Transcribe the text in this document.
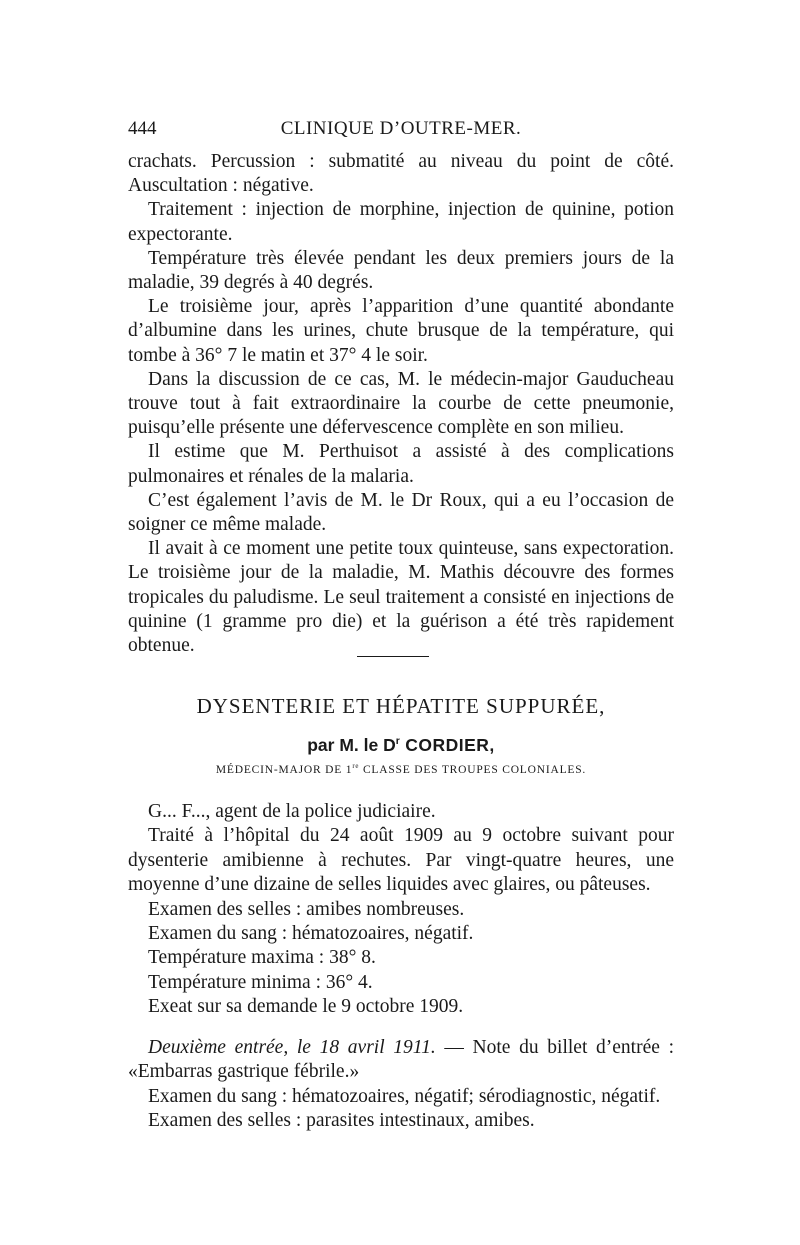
444	CLINIQUE D’OUTRE-MER.

crachats. Percussion : submatité au niveau du point de côté. Auscultation : négative.

Traitement : injection de morphine, injection de quinine, potion expectorante.

Température très élevée pendant les deux premiers jours de la maladie, 39 degrés à 40 degrés.

Le troisième jour, après l’apparition d’une quantité abondante d’albumine dans les urines, chute brusque de la température, qui tombe à 36° 7 le matin et 37° 4 le soir.

Dans la discussion de ce cas, M. le médecin-major Gauducheau trouve tout à fait extraordinaire la courbe de cette pneumonie, puisqu’elle présente une défervescence complète en son milieu.

Il estime que M. Perthuisot a assisté à des complications pulmonaires et rénales de la malaria.

C’est également l’avis de M. le Dr Roux, qui a eu l’occasion de soigner ce même malade.

Il avait à ce moment une petite toux quinteuse, sans expectoration. Le troisième jour de la maladie, M. Mathis découvre des formes tropicales du paludisme. Le seul traitement a consisté en injections de quinine (1 gramme pro die) et la guérison a été très rapidement obtenue.

DYSENTERIE ET HÉPATITE SUPPURÉE,
par M. le $D^r$ CORDIER,
MÉDECIN-MAJOR DE 1re CLASSE DES TROUPES COLONIALES.

G... F..., agent de la police judiciaire.

Traité à l’hôpital du 24 août 1909 au 9 octobre suivant pour dysenterie amibienne à rechutes. Par vingt-quatre heures, une moyenne d’une dizaine de selles liquides avec glaires, ou pâteuses.

Examen des selles : amibes nombreuses.

Examen du sang : hématozoaires, négatif.

Température maxima : 38° 8.

Température minima : 36° 4.

Exeat sur sa demande le 9 octobre 1909.

Deuxième entrée, le 18 avril 1911. — Note du billet d’entrée : «Embarras gastrique fébrile.»

Examen du sang : hématozoaires, négatif; sérodiagnostic, négatif.

Examen des selles : parasites intestinaux, amibes.
